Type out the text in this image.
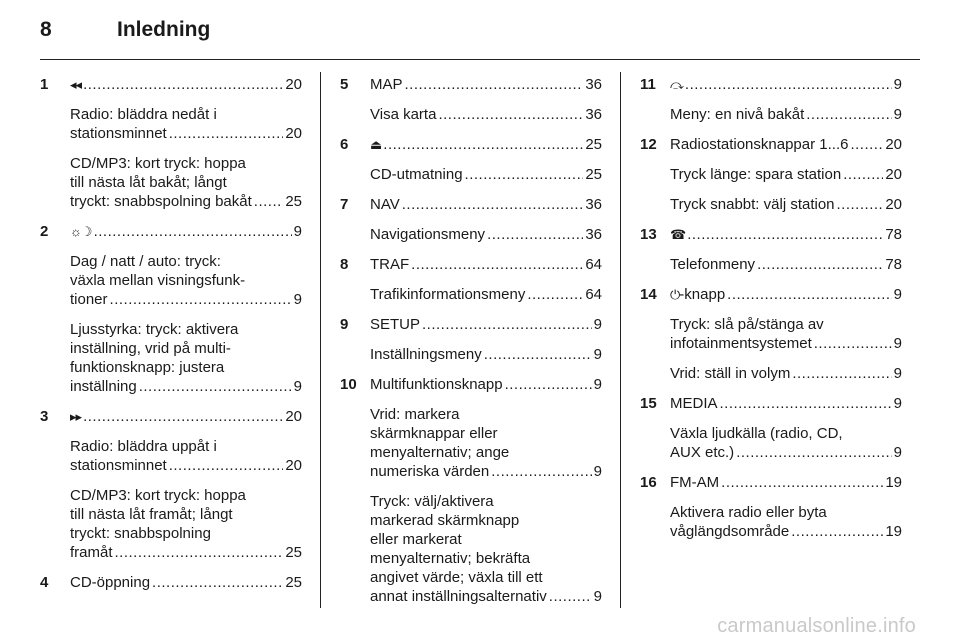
8	Inledning
1 ◂◂ .....	20
Radio: bläddra nedåt i
stationsminnet .....	20
CD/MP3: kort tryck: hoppa
till nästa låt bakåt; långt
tryckt: snabbspolning bakåt ..... 25
2 ☼☽ .....	9
Dag / natt / auto: tryck:
växla mellan visningsfunk-
tioner .....	9
Ljusstyrka: tryck: aktivera
inställning, vrid på multi-
funktionsknapp: justera
inställning .....	9
3 ▸▸ .....	20
Radio: bläddra uppåt i
stationsminnet .....	20
CD/MP3: kort tryck: hoppa
till nästa låt framåt; långt
tryckt: snabbspolning
framåt .....	25
4 CD-öppning .....	25
5 MAP .....	36
Visa karta .....	36
6 ⏏ .....	25
CD-utmatning .....	25
7 NAV .....	36
Navigationsmeny .....	36
8 TRAF .....	64
Trafikinformationsmeny .....	64
9 SETUP .....	9
Inställningsmeny .....	9
10 Multifunktionsknapp .....	9
Vrid: markera
skärmknappar eller
menyalternativ; ange
numeriska värden .....	9
Tryck: välj/aktivera
markerad skärmknapp
eller markerat
menyalternativ; bekräfta
angivet värde; växla till ett
annat inställningsalternativ .....	9
11 ⤼ .....	9
Meny: en nivå bakåt .....	9
12 Radiostationsknappar 1...6 ..... 20
Tryck länge: spara station .....	20
Tryck snabbt: välj station .....	20
13 ☎ .....	78
Telefonmeny .....	78
14 ⏻ -knapp .....	9
Tryck: slå på/stänga av
infotainmentsystemet .....	9
Vrid: ställ in volym .....	9
15 MEDIA .....	9
Växla ljudkälla (radio, CD,
AUX etc.) .....	9
16 FM-AM .....	19
Aktivera radio eller byta
våglängdsområde .....	19
carmanualsonline.info
